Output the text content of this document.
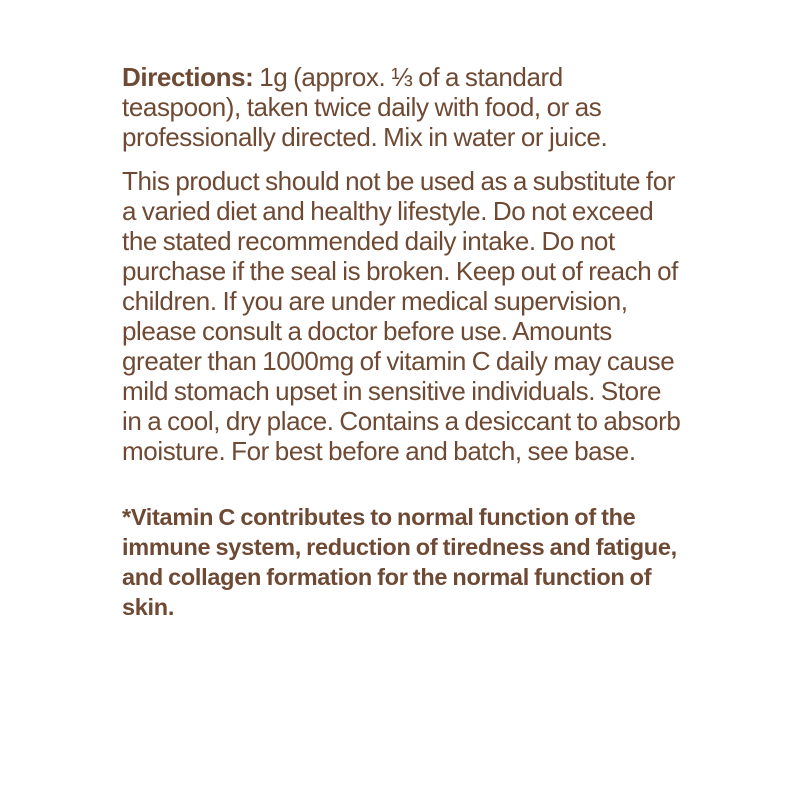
Directions: 1g (approx. ⅓ of a standard teaspoon), taken twice daily with food, or as professionally directed. Mix in water or juice.

This product should not be used as a substitute for a varied diet and healthy lifestyle. Do not exceed the stated recommended daily intake. Do not purchase if the seal is broken. Keep out of reach of children. If you are under medical supervision, please consult a doctor before use. Amounts greater than 1000mg of vitamin C daily may cause mild stomach upset in sensitive individuals. Store in a cool, dry place. Contains a desiccant to absorb moisture. For best before and batch, see base.

*Vitamin C contributes to normal function of the immune system, reduction of tiredness and fatigue, and collagen formation for the normal function of skin.
